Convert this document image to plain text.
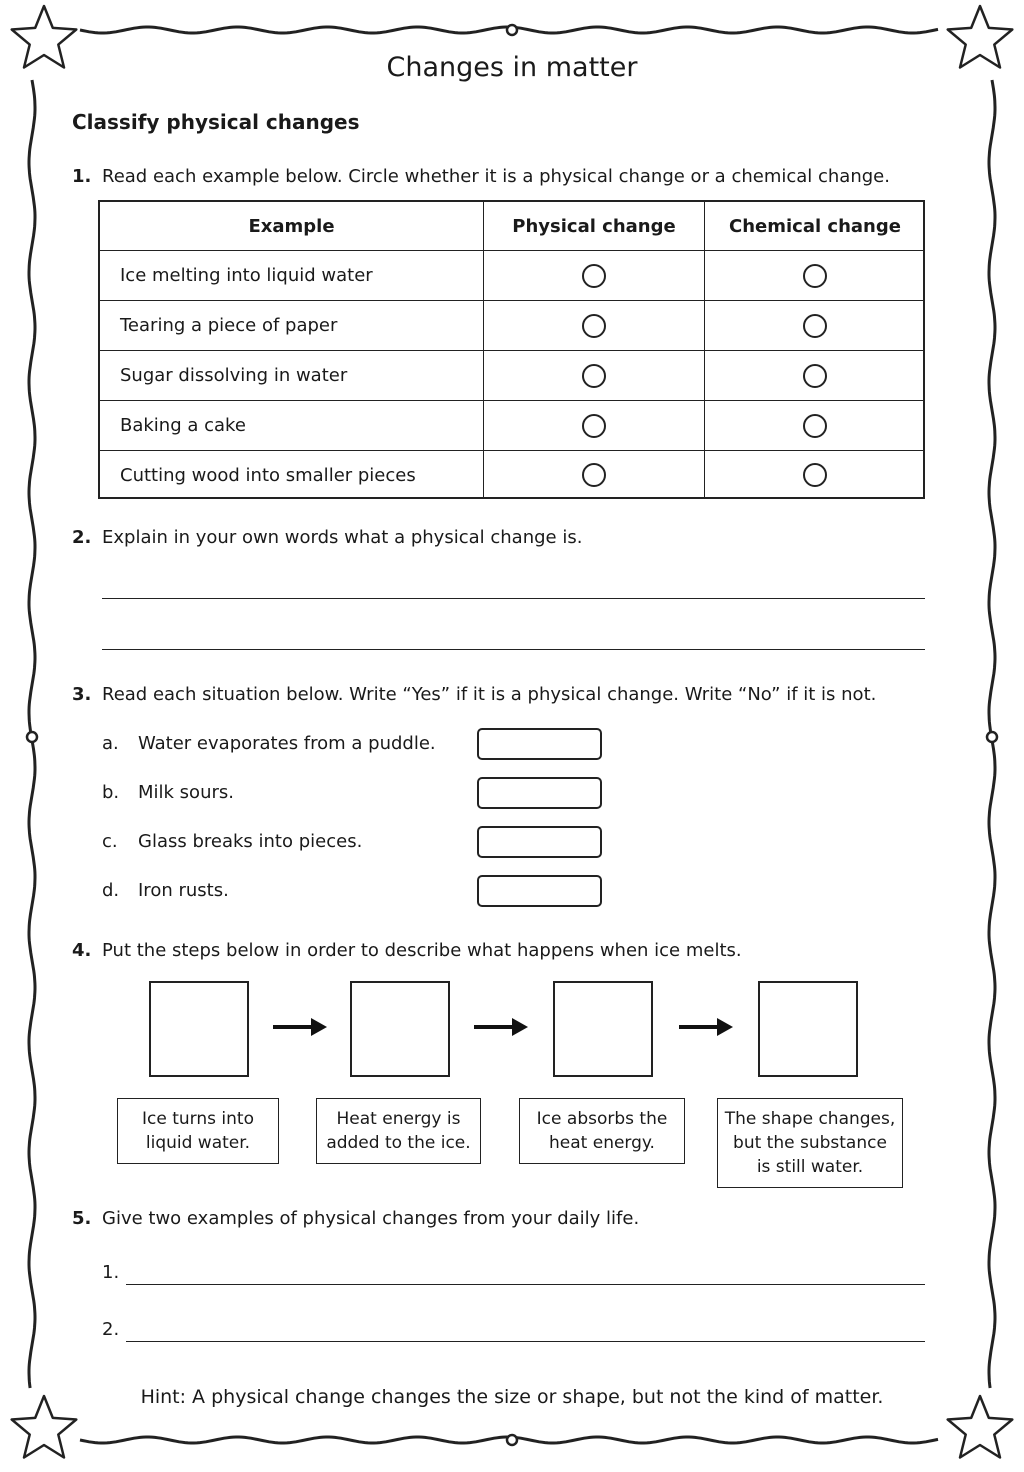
Changes in matter
Classify physical changes
1. Read each example below. Circle whether it is a physical change or a chemical change.
Example	Physical change	Chemical change
Ice melting into liquid water
Tearing a piece of paper
Sugar dissolving in water
Baking a cake
Cutting wood into smaller pieces
2. Explain in your own words what a physical change is.
3. Read each situation below. Write “Yes” if it is a physical change. Write “No” if it is not.
a. Water evaporates from a puddle.
b. Milk sours.
c. Glass breaks into pieces.
d. Iron rusts.
4. Put the steps below in order to describe what happens when ice melts.
Ice turns into
liquid water.
Heat energy is
added to the ice.
Ice absorbs the
heat energy.
The shape changes,
but the substance
is still water.
5. Give two examples of physical changes from your daily life.
1.
2.
Hint: A physical change changes the size or shape, but not the kind of matter.
